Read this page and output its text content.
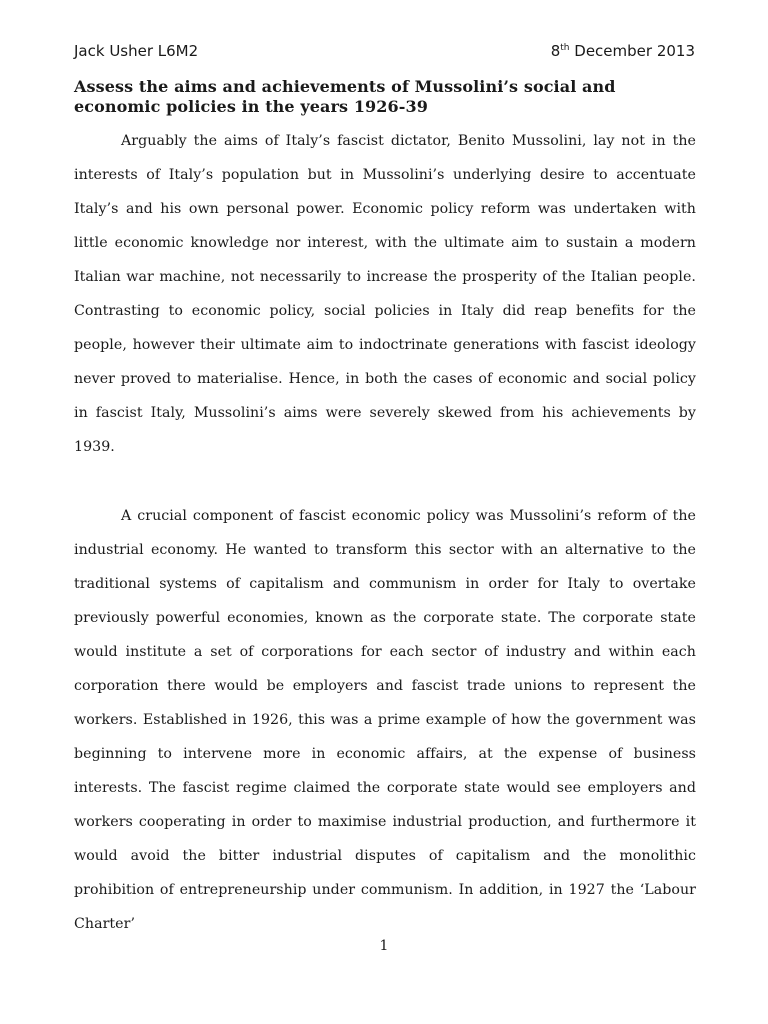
Jack Usher L6M2	8th December 2013
Assess the aims and achievements of Mussolini’s social and economic policies in the years 1926-39

Arguably the aims of Italy’s fascist dictator, Benito Mussolini, lay not in the interests of Italy’s population but in Mussolini’s underlying desire to accentuate Italy’s and his own personal power. Economic policy reform was undertaken with little economic knowledge nor interest, with the ultimate aim to sustain a modern Italian war machine, not necessarily to increase the prosperity of the Italian people. Contrasting to economic policy, social policies in Italy did reap benefits for the people, however their ultimate aim to indoctrinate generations with fascist ideology never proved to materialise. Hence, in both the cases of economic and social policy in fascist Italy, Mussolini’s aims were severely skewed from his achievements by 1939.

A crucial component of fascist economic policy was Mussolini’s reform of the industrial economy. He wanted to transform this sector with an alternative to the traditional systems of capitalism and communism in order for Italy to overtake previously powerful economies, known as the corporate state. The corporate state would institute a set of corporations for each sector of industry and within each corporation there would be employers and fascist trade unions to represent the workers. Established in 1926, this was a prime example of how the government was beginning to intervene more in economic affairs, at the expense of business interests. The fascist regime claimed the corporate state would see employers and workers cooperating in order to maximise industrial production, and furthermore it would avoid the bitter industrial disputes of capitalism and the monolithic prohibition of entrepreneurship under communism. In addition, in 1927 the ‘Labour Charter’

1
